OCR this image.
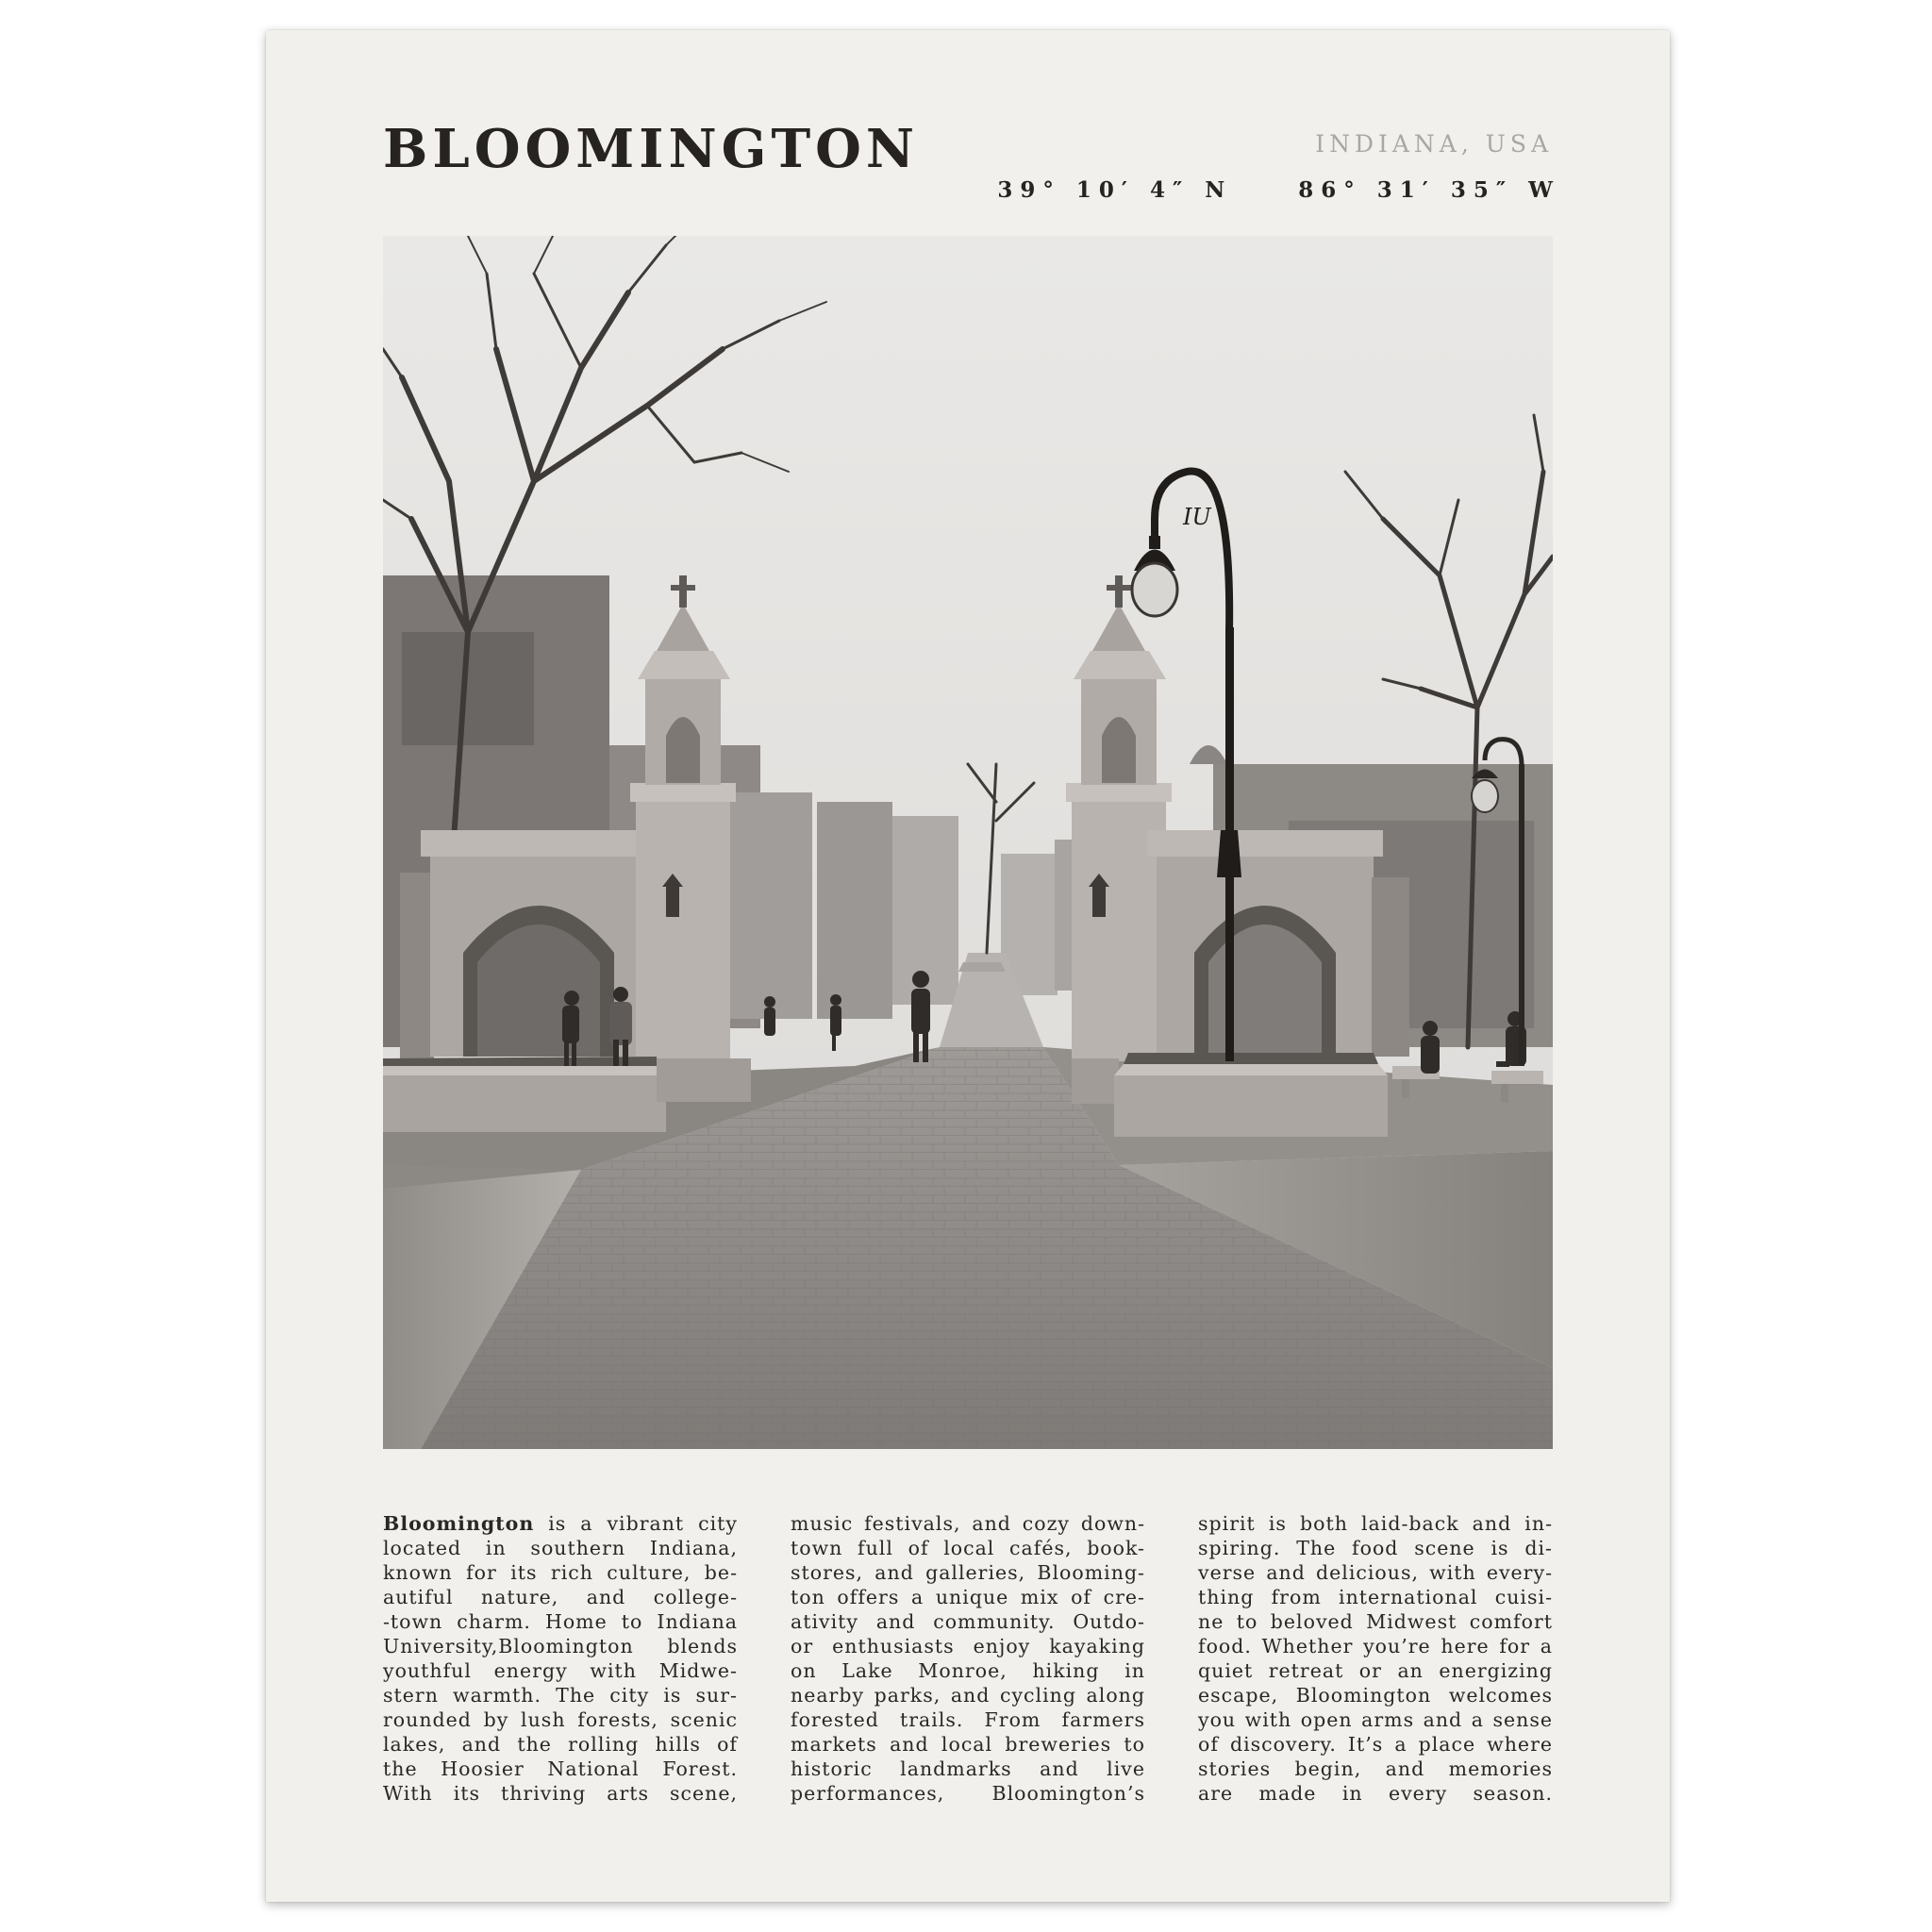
BLOOMINGTON	INDIANA, USA
39° 10′ 4″ N	86° 31′ 35″ W
IU
Bloomington is a vibrant city
located in southern Indiana,
known for its rich culture, be-
autiful nature, and college-
-town charm. Home to Indiana
University,Bloomington blends
youthful energy with Midwe-
stern warmth. The city is sur-
rounded by lush forests, scenic
lakes, and the rolling hills of
the Hoosier National Forest.
With its thriving arts scene,
music festivals, and cozy down-
town full of local cafés, book-
stores, and galleries, Blooming-
ton offers a unique mix of cre-
ativity and community. Outdo-
or enthusiasts enjoy kayaking
on Lake Monroe, hiking in
nearby parks, and cycling along
forested trails. From farmers
markets and local breweries to
historic landmarks and live
performances, Bloomington’s
spirit is both laid-back and in-
spiring. The food scene is di-
verse and delicious, with every-
thing from international cuisi-
ne to beloved Midwest comfort
food. Whether you’re here for a
quiet retreat or an energizing
escape, Bloomington welcomes
you with open arms and a sense
of discovery. It’s a place where
stories begin, and memories
are made in every season.
